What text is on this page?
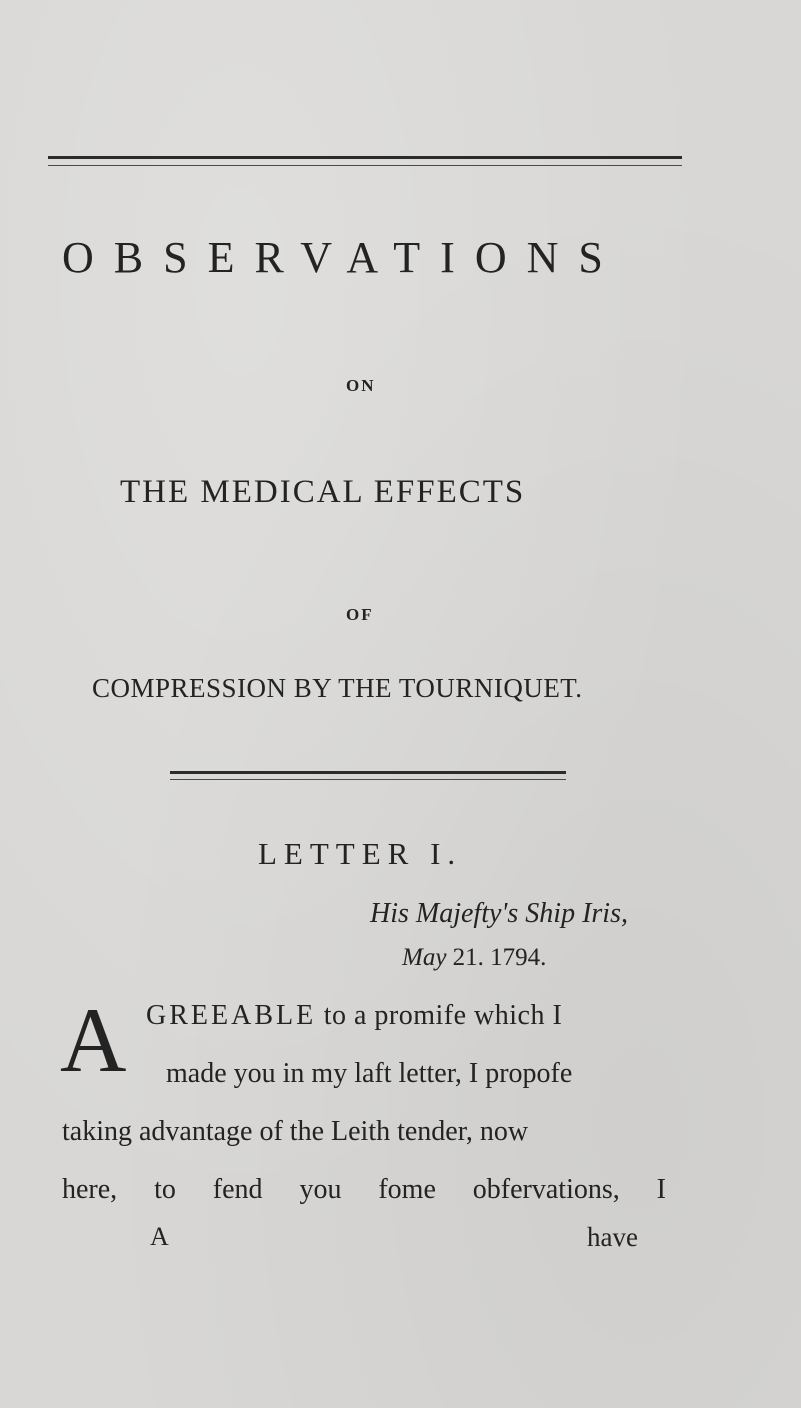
OBSERVATIONS
ON
THE MEDICAL EFFECTS
OF
COMPRESSION BY THE TOURNIQUET.
LETTER I.
His Majefty's Ship Iris,
May 21. 1794.
A GREEABLE to a promife which I
made you in my laft letter, I propofe
taking advantage of the Leith tender, now
here, to fend you fome obfervations, I
A	have
